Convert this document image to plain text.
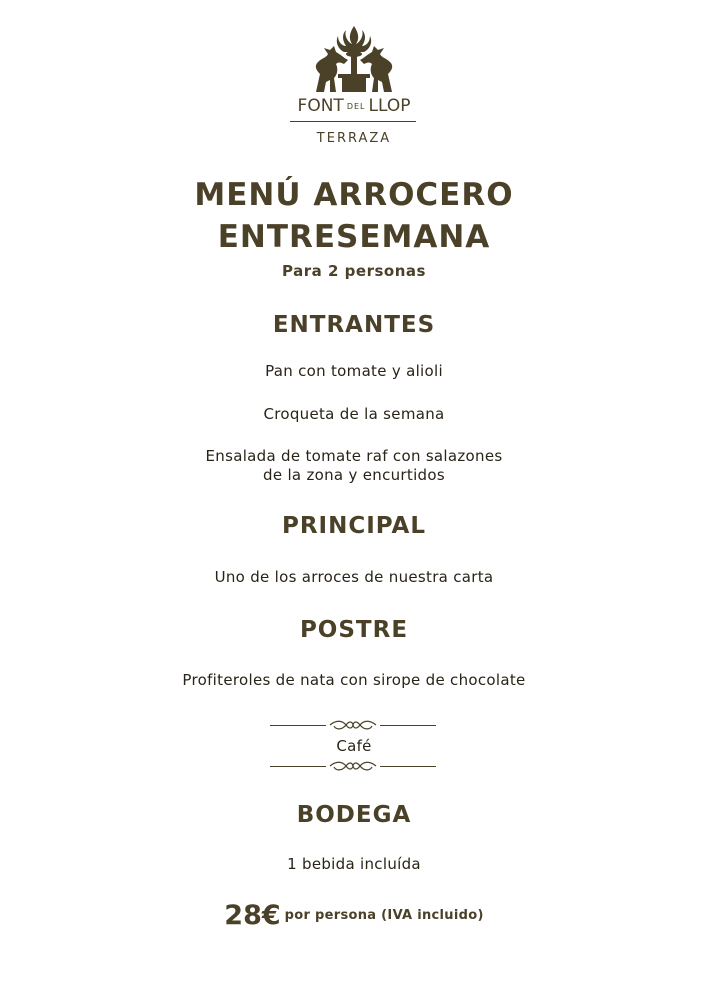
FONT DEL LLOP
TERRAZA
MENÚ ARROCERO
ENTRESEMANA
Para 2 personas
ENTRANTES
Pan con tomate y alioli
Croqueta de la semana
Ensalada de tomate raf con salazones
de la zona y encurtidos
PRINCIPAL
Uno de los arroces de nuestra carta
POSTRE
Profiteroles de nata con sirope de chocolate
Café
BODEGA
1 bebida incluída
28€ por persona (IVA incluido)
